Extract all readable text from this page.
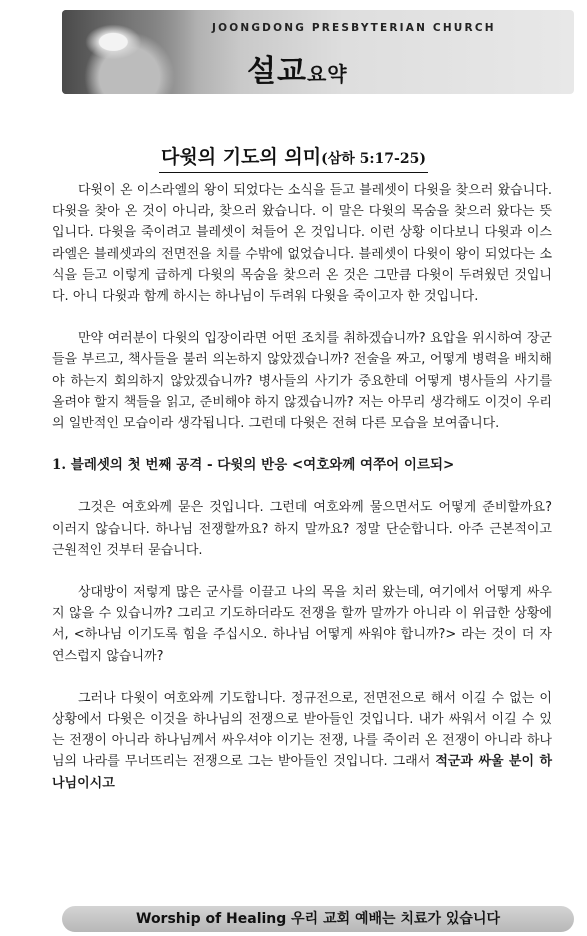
JOONGDONG PRESBYTERIAN CHURCH
설교요약
다윗의 기도의 의미(삼하 5:17-25)

다윗이 온 이스라엘의 왕이 되었다는 소식을 듣고 블레셋이 다윗을 찾으러 왔습니다. 다윗을 찾아 온 것이 아니라, 찾으러 왔습니다. 이 말은 다윗의 목숨을 찾으러 왔다는 뜻입니다. 다윗을 죽이려고 블레셋이 쳐들어 온 것입니다. 이런 상황 이다보니 다윗과 이스라엘은 블레셋과의 전면전을 치를 수밖에 없었습니다. 블레셋이 다윗이 왕이 되었다는 소식을 듣고 이렇게 급하게 다윗의 목숨을 찾으러 온 것은 그만큼 다윗이 두려웠던 것입니다. 아니 다윗과 함께 하시는 하나님이 두려워 다윗을 죽이고자 한 것입니다.

만약 여러분이 다윗의 입장이라면 어떤 조치를 취하겠습니까? 요압을 위시하여 장군들을 부르고, 책사들을 불러 의논하지 않았겠습니까? 전술을 짜고, 어떻게 병력을 배치해야 하는지 회의하지 않았겠습니까? 병사들의 사기가 중요한데 어떻게 병사들의 사기를 올려야 할지 책들을 읽고, 준비해야 하지 않겠습니까? 저는 아무리 생각해도 이것이 우리의 일반적인 모습이라 생각됩니다. 그런데 다윗은 전혀 다른 모습을 보여줍니다.

1. 블레셋의 첫 번째 공격 - 다윗의 반응 <여호와께 여쭈어 이르되>

그것은 여호와께 묻은 것입니다. 그런데 여호와께 물으면서도 어떻게 준비할까요? 이러지 않습니다. 하나님 전쟁할까요? 하지 말까요? 정말 단순합니다. 아주 근본적이고 근원적인 것부터 묻습니다.

상대방이 저렇게 많은 군사를 이끌고 나의 목을 치러 왔는데, 여기에서 어떻게 싸우지 않을 수 있습니까? 그리고 기도하더라도 전쟁을 할까 말까가 아니라 이 위급한 상황에서, <하나님 이기도록 힘을 주십시오. 하나님 어떻게 싸워야 합니까?> 라는 것이 더 자연스럽지 않습니까?

그러나 다윗이 여호와께 기도합니다. 정규전으로, 전면전으로 해서 이길 수 없는 이 상황에서 다윗은 이것을 하나님의 전쟁으로 받아들인 것입니다. 내가 싸워서 이길 수 있는 전쟁이 아니라 하나님께서 싸우셔야 이기는 전쟁, 나를 죽이러 온 전쟁이 아니라 하나님의 나라를 무너뜨리는 전쟁으로 그는 받아들인 것입니다. 그래서 적군과 싸울 분이 하나님이시고

Worship of Healing 우리 교회 예배는 치료가 있습니다
